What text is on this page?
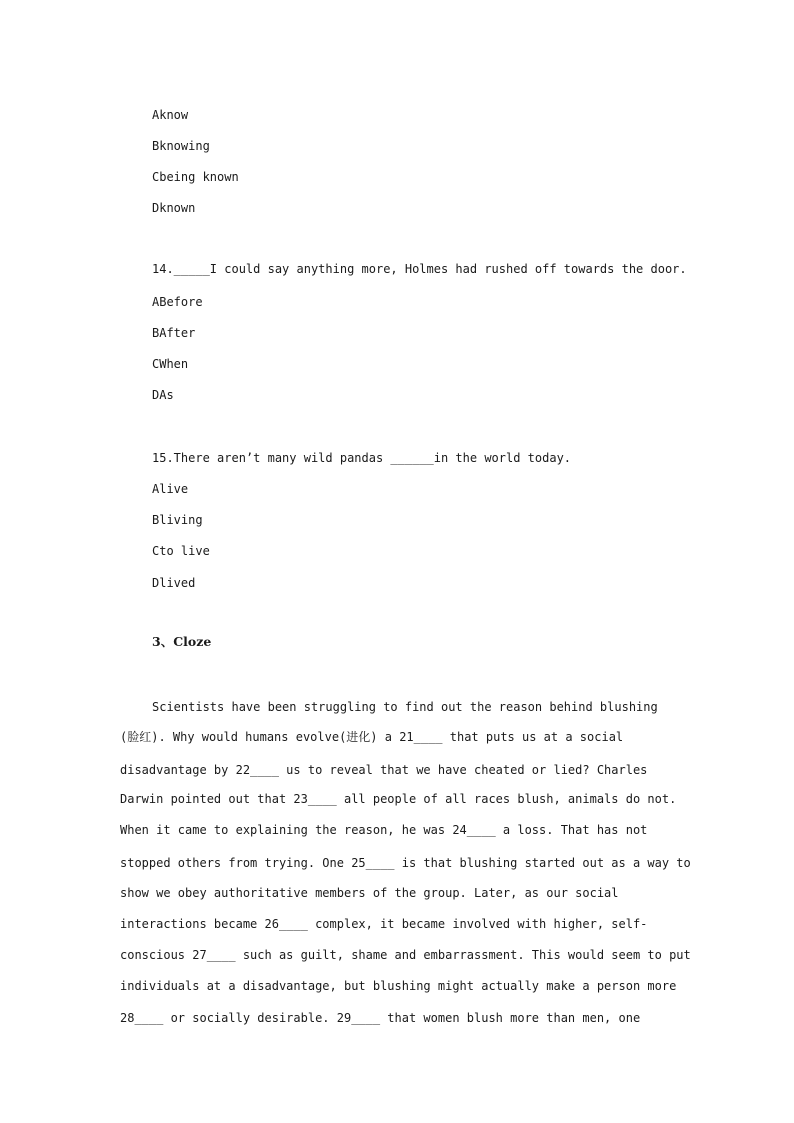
Aknow
Bknowing
Cbeing known
Dknown
14._____I could say anything more, Holmes had rushed off towards the door.
ABefore
BAfter
CWhen
DAs
15.There aren’t many wild pandas ______in the world today.
Alive
Bliving
Cto live
Dlived
3、Cloze
Scientists have been struggling to find out the reason behind blushing
(脸红). Why would humans evolve(进化) a 21____ that puts us at a social
disadvantage by 22____ us to reveal that we have cheated or lied? Charles
Darwin pointed out that 23____ all people of all races blush, animals do not.
When it came to explaining the reason, he was 24____ a loss. That has not
stopped others from trying. One 25____ is that blushing started out as a way to
show we obey authoritative members of the group. Later, as our social
interactions became 26____ complex, it became involved with higher, self-
conscious 27____ such as guilt, shame and embarrassment. This would seem to put
individuals at a disadvantage, but blushing might actually make a person more
28____ or socially desirable. 29____ that women blush more than men, one
